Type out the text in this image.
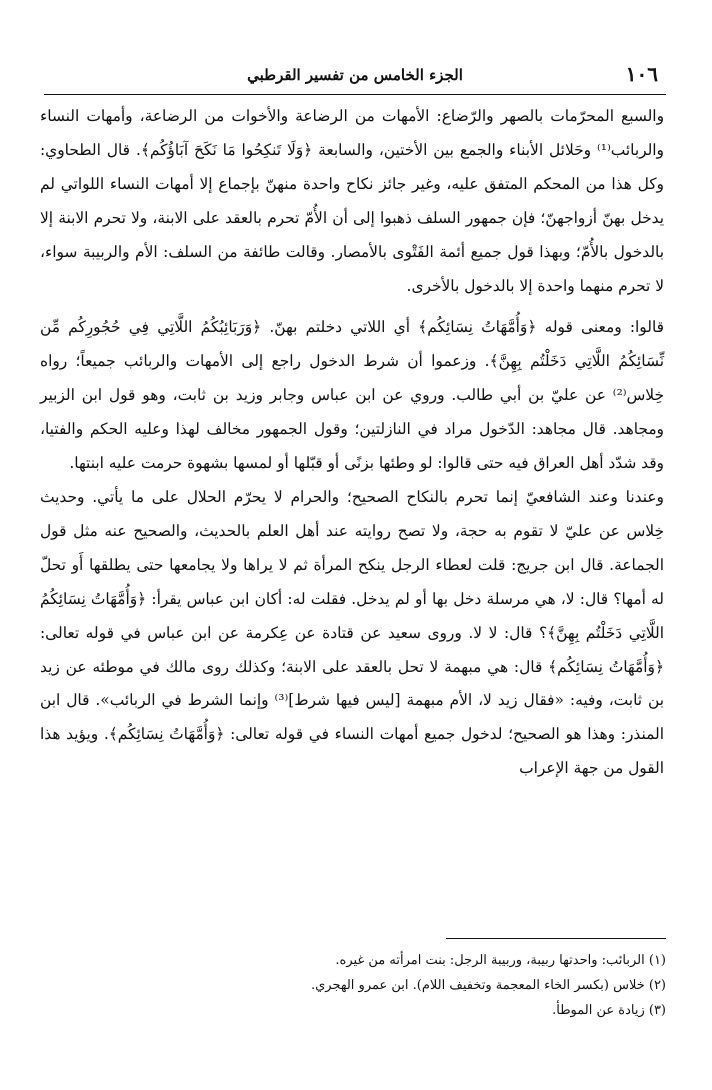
١٠٦
الجزء الخامس من تفسير القرطبي

والسبع المحرّمات بالصهر والرّضاع: الأمهات من الرضاعة والأخوات من الرضاعة، وأمهات النساء والربائب⁽¹⁾ وحَلائل الأبناء والجمع بين الأختين، والسابعة ﴿وَلَا تَنكِحُوا مَا نَكَحَ آبَاؤُكُم﴾. قال الطحاوي: وكل هذا من المحكم المتفق عليه، وغير جائز نكاح واحدة منهنّ بإجماع إلا أمهات النساء اللواتي لم يدخل بهنّ أزواجهنّ؛ فإن جمهور السلف ذهبوا إلى أن الأُمّ تحرم بالعقد على الابنة، ولا تحرم الابنة إلا بالدخول بالأُمّ؛ وبهذا قول جميع أئمة الفَتْوى بالأمصار. وقالت طائفة من السلف: الأم والربيبة سواء، لا تحرم منهما واحدة إلا بالدخول بالأخرى.

قالوا: ومعنى قوله ﴿وَأُمَّهَاتُ نِسَائِكُم﴾ أي اللاتي دخلتم بهنّ. ﴿وَرَبَائِبُكُمُ اللَّاتِي فِي حُجُورِكُم مِّن نِّسَائِكُمُ اللَّاتِي دَخَلْتُم بِهِنَّ﴾. وزعموا أن شرط الدخول راجع إلى الأمهات والربائب جميعاً؛ رواه خِلاس⁽²⁾ عن عليّ بن أبي طالب. وروي عن ابن عباس وجابر وزيد بن ثابت، وهو قول ابن الزبير ومجاهد. قال مجاهد: الدّخول مراد في النازلتين؛ وقول الجمهور مخالف لهذا وعليه الحكم والفتيا، وقد شدّد أهل العراق فيه حتى قالوا: لو وطئها بزنًى أو قبّلها أو لمسها بشهوة حرمت عليه ابنتها.

وعندنا وعند الشافعيّ إنما تحرم بالنكاح الصحيح؛ والحرام لا يحرّم الحلال على ما يأتي. وحديث خِلاس عن عليّ لا تقوم به حجة، ولا تصح روايته عند أهل العلم بالحديث، والصحيح عنه مثل قول الجماعة. قال ابن جريج: قلت لعطاء الرجل ينكح المرأة ثم لا يراها ولا يجامعها حتى يطلقها أَو تحلّ له أمها؟ قال: لا، هي مرسلة دخل بها أو لم يدخل. فقلت له: أكان ابن عباس يقرأ: ﴿وَأُمَّهَاتُ نِسَائِكُمُ اللَّاتِي دَخَلْتُم بِهِنَّ﴾؟ قال: لا لا. وروى سعيد عن قتادة عن عِكرمة عن ابن عباس في قوله تعالى: ﴿وَأُمَّهَاتُ نِسَائِكُم﴾ قال: هي مبهمة لا تحل بالعقد على الابنة؛ وكذلك روى مالك في موطئه عن زيد بن ثابت، وفيه: «فقال زيد لا، الأم مبهمة [ليس فيها شرط]⁽³⁾ وإنما الشرط في الربائب». قال ابن المنذر: وهذا هو الصحيح؛ لدخول جميع أمهات النساء في قوله تعالى: ﴿وَأُمَّهَاتُ نِسَائِكُم﴾. ويؤيد هذا القول من جهة الإعراب

(١) الربائب: واحدتها ربيبة، وربيبة الرجل: بنت امرأته من غيره.
(٢) خلاس (بكسر الخاء المعجمة وتخفيف اللام). ابن عمرو الهجري.
(٣) زيادة عن الموطأ.
